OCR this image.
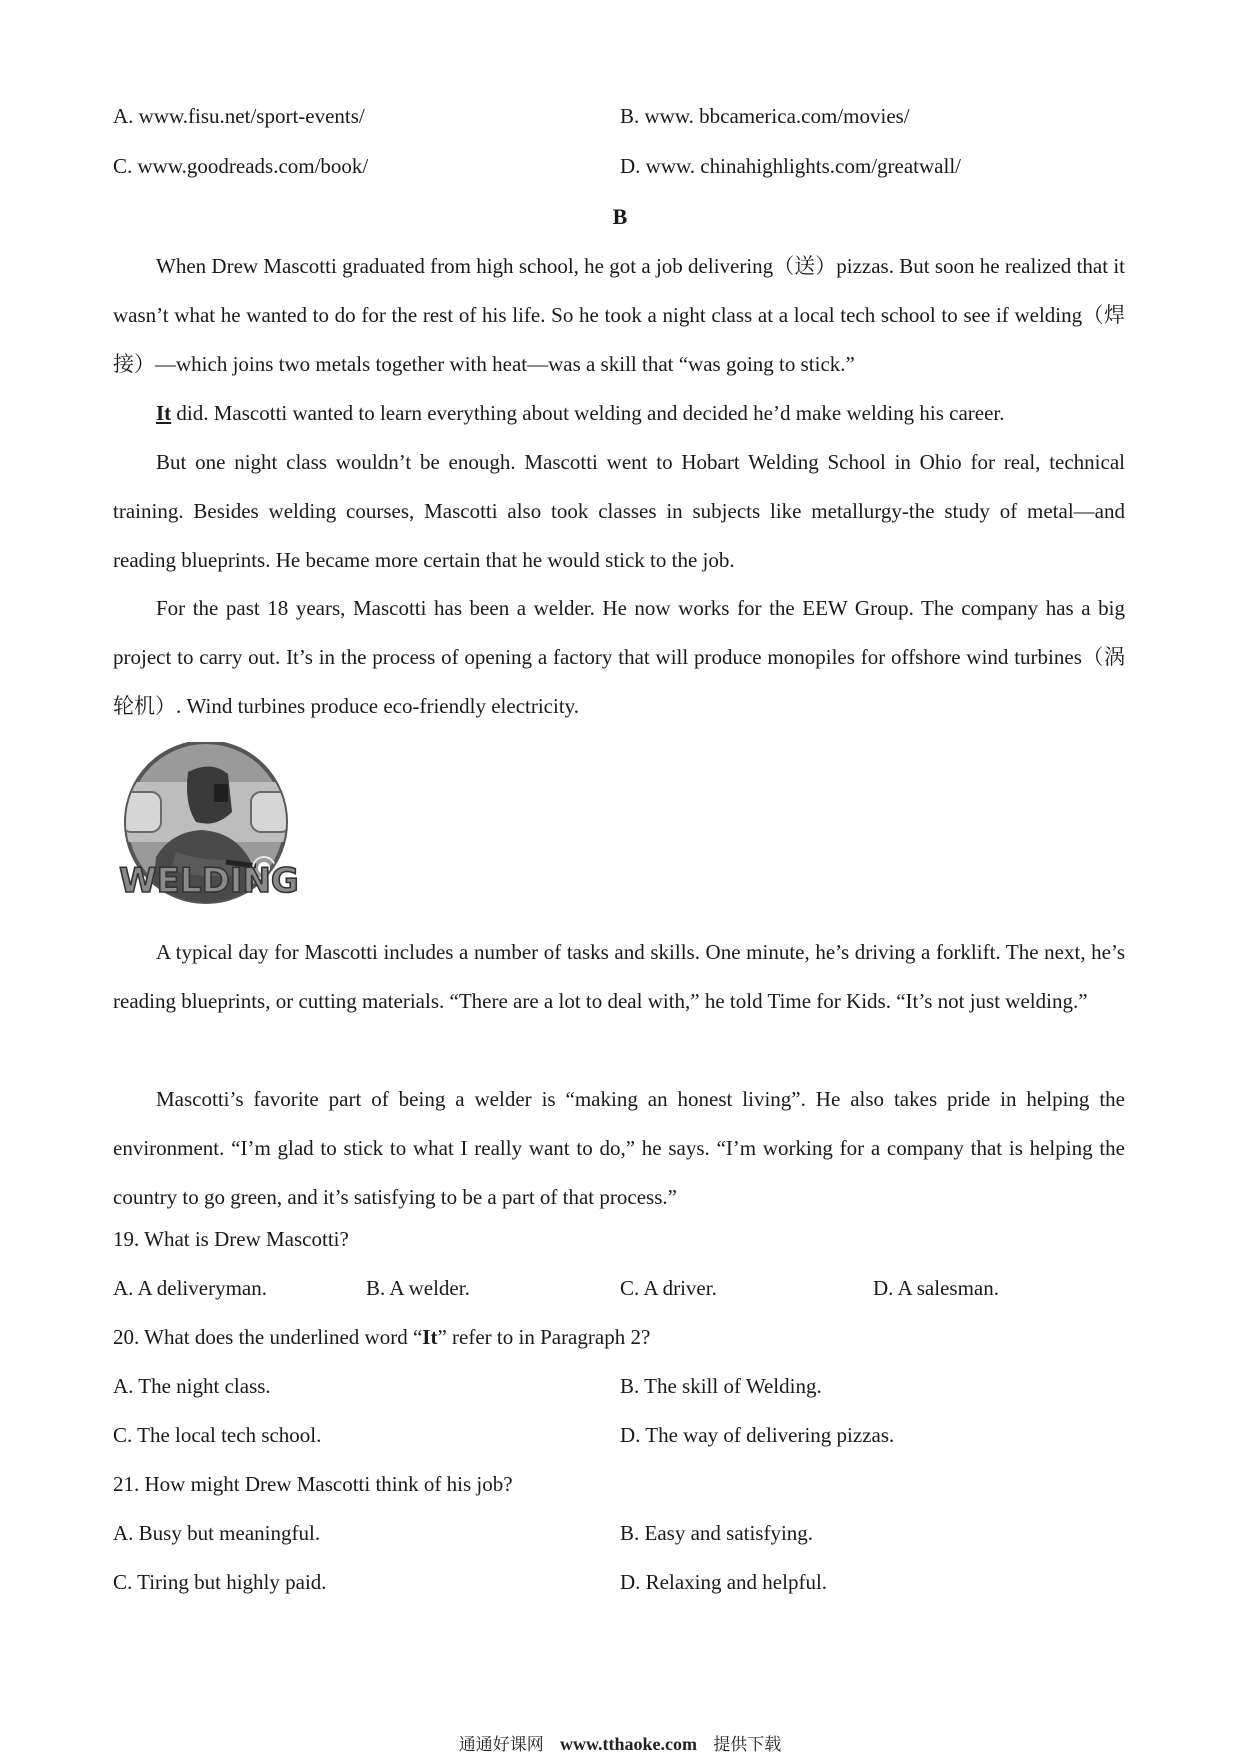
A. www.fisu.net/sport-events/	B. www. bbcamerica.com/movies/
C. www.goodreads.com/book/	D. www. chinahighlights.com/greatwall/
B
When Drew Mascotti graduated from high school, he got a job delivering（送）pizzas. But soon he realized that it wasn’t what he wanted to do for the rest of his life. So he took a night class at a local tech school to see if welding（焊接）—which joins two metals together with heat—was a skill that “was going to stick.”
It did. Mascotti wanted to learn everything about welding and decided he’d make welding his career.
But one night class wouldn’t be enough. Mascotti went to Hobart Welding School in Ohio for real, technical training. Besides welding courses, Mascotti also took classes in subjects like metallurgy-the study of metal—and reading blueprints. He became more certain that he would stick to the job.
For the past 18 years, Mascotti has been a welder. He now works for the EEW Group. The company has a big project to carry out. It’s in the process of opening a factory that will produce monopiles for offshore wind turbines（涡轮机）. Wind turbines produce eco-friendly electricity.
WELDING
A typical day for Mascotti includes a number of tasks and skills. One minute, he’s driving a forklift. The next, he’s reading blueprints, or cutting materials. “There are a lot to deal with,” he told Time for Kids. “It’s not just welding.”
Mascotti’s favorite part of being a welder is “making an honest living”. He also takes pride in helping the environment. “I’m glad to stick to what I really want to do,” he says. “I’m working for a company that is helping the country to go green, and it’s satisfying to be a part of that process.”
19. What is Drew Mascotti?
A. A deliveryman.	B. A welder.	C. A driver.	D. A salesman.
20. What does the underlined word “It” refer to in Paragraph 2?
A. The night class.	B. The skill of Welding.
C. The local tech school.	D. The way of delivering pizzas.
21. How might Drew Mascotti think of his job?
A. Busy but meaningful.	B. Easy and satisfying.
C. Tiring but highly paid.	D. Relaxing and helpful.
通通好课网 www.tthaoke.com 提供下载
